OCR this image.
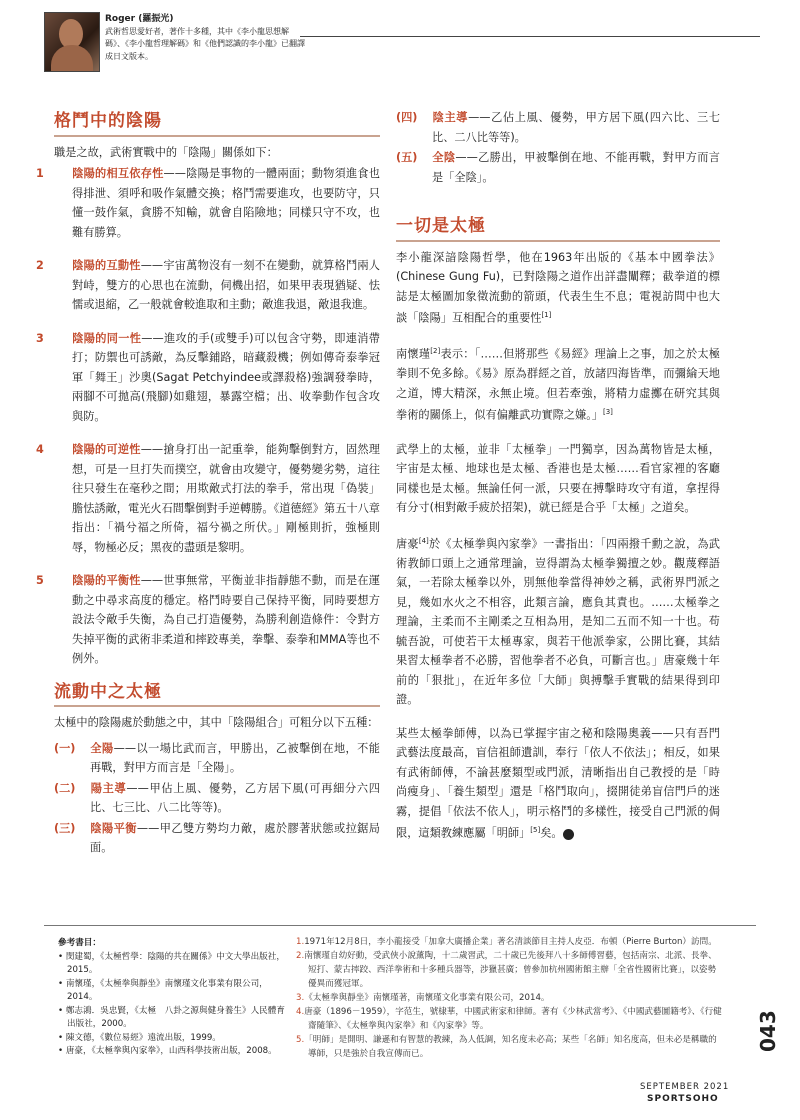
Roger (羅振光)
武術哲思愛好者，著作十多種，其中《李小龍思想解碼》、《李小龍哲理解碼》和《他們認識的李小龍》已翻譯成日文版本。
格鬥中的陰陽
職是之故，武術實戰中的「陰陽」關係如下：
1	陰陽的相互依存性——陰陽是事物的一體兩面；動物須進食也得排泄、須呼和吸作氣體交換；格鬥需要進攻，也要防守，只懂一鼓作氣，貪勝不知輸，就會自陷險地；同樣只守不攻，也難有勝算。
2	陰陽的互動性——宇宙萬物沒有一刻不在變動，就算格鬥兩人對峙，雙方的心思也在流動，伺機出招，如果甲表現猶疑、怯懦或退縮，乙一般就會較進取和主動；敵進我退，敵退我進。
3	陰陽的同一性——進攻的手(或雙手)可以包含守勢，即連消帶打；防禦也可誘敵，為反擊鋪路，暗藏殺機；例如傳奇泰拳冠軍「舞王」沙奧(Sagat Petchyindee或譯殺格)強調發拳時，兩腳不可拋高(飛腳)如雞翅，暴露空檔；出、收拳動作包含攻與防。
4	陰陽的可逆性——搶身打出一記重拳，能夠擊倒對方，固然理想，可是一旦打失而撲空，就會由攻變守，優勢變劣勢，這往往只發生在毫秒之間；用欺敵式打法的拳手，常出現「偽裝」膽怯誘敵，電光火石間擊倒對手逆轉勝。《道德經》第五十八章指出：「禍兮福之所倚，福兮禍之所伏。」剛極則折，強極則辱，物極必反；黑夜的盡頭是黎明。
5	陰陽的平衡性——世事無常，平衡並非指靜態不動，而是在運動之中尋求高度的穩定。格鬥時要自己保持平衡，同時要想方設法令敵手失衡，為自己打造優勢，為勝利創造條件：令對方失掉平衡的武術非柔道和摔跤專美，拳擊、泰拳和MMA等也不例外。
流動中之太極
太極中的陰陽處於動態之中，其中「陰陽組合」可粗分以下五種：
(一) 全陽——以一場比武而言，甲勝出，乙被擊倒在地，不能再戰，對甲方而言是「全陽」。
(二) 陽主導——甲佔上風、優勢，乙方居下風(可再細分六四比、七三比、八二比等等)。
(三) 陰陽平衡——甲乙雙方勢均力敵，處於膠著狀態或拉鋸局面。
(四) 陰主導——乙佔上風、優勢，甲方居下風(四六比、三七比、二八比等等)。
(五) 全陰——乙勝出，甲被擊倒在地、不能再戰，對甲方而言是「全陰」。
一切是太極
李小龍深諳陰陽哲學，他在1963年出版的《基本中國拳法》(Chinese Gung Fu)，已對陰陽之道作出詳盡闡釋；截拳道的標誌是太極圖加象徵流動的箭頭，代表生生不息；電視訪問中也大談「陰陽」互相配合的重要性[1]
南懷瑾[2]表示：「……但將那些《易經》理論上之事，加之於太極拳則不免多餘。《易》原為群經之首，放諸四海皆準，而彌綸天地之道，博大精深，永無止境。但若牽強，將精力虛擲在研究其與拳術的關係上，似有偏離武功實際之嫌。」[3]
武學上的太極，並非「太極拳」一門獨享，因為萬物皆是太極，宇宙是太極、地球也是太極、香港也是太極……看官家裡的客廳同樣也是太極。無論任何一派，只要在搏擊時攻守有道，拿捏得有分寸(相對敵手疲於招架)，就已經是合乎「太極」之道矣。
唐豪[4]於《太極拳與內家拳》一書指出：「四兩撥千勳之說，為武術教師口頭上之通常理論，豈得謂為太極拳獨擅之妙。觀蔑釋語氣，一若除太極拳以外，別無他拳當得神妙之稱，武術界門派之見，幾如水火之不相容，此類言論，應負其責也。……太極拳之理論，主柔而不主剛柔之互相為用，是知二五而不知一十也。苟毓吾說，可使若干太極專家，與若干他派拳家，公開比賽，其結果習太極拳者不必勝，習他拳者不必負，可斷言也。」唐豪幾十年前的「狠批」，在近年多位「大師」與搏擊手實戰的結果得到印證。
某些太極拳師傅，以為已掌握宇宙之秘和陰陽奧義——只有吾門武藝法度最高，盲信祖師遺訓，奉行「依人不依法」；相反，如果有武術師傅，不論甚麼類型或門派，清晰指出自己教授的是「時尚瘦身」、「養生類型」還是「格鬥取向」，掇開徒弟盲信門戶的迷霧，提倡「依法不依人」，明示格鬥的多樣性，接受自己門派的侷限，這類教練應屬「明師」[5]矣。
參考書目：
• 閔建蜀，《太極哲學：陰陽的共在關係》中文大學出版社，2015。
• 南懷瑾，《太極拳與靜坐》南懷瑾文化事業有限公司，2014。
• 鄭志鴻．吳忠賢，《太極　八卦之源與健身養生》人民體育出版社，2000。
• 陳文德，《數位易經》遠流出版，1999。
• 唐豪，《太極拳與內家拳》，山西科學技術出版，2008。
1.1971年12月8日，李小龍接受「加拿大廣播企業」著名清談節目主持人皮亞．布頓（Pierre Burton）訪問。
2.南懷瑾自幼好動，受武俠小說薰陶，十二歲習武，二十歲已先後拜八十多師傅習藝，包括南宗、北派、長拳、短打、蒙古摔跤、西洋拳術和十多種兵器等，涉獵甚廣；曾參加杭州國術館主辦「全省性國術比賽」，以姿勢優異而獲冠軍。
3.《太極拳與靜坐》南懷瑾著，南懷瑾文化事業有限公司，2014。
4.唐豪（1896－1959），字范生，號棣華，中國武術家和律師。著有《少林武當考》、《中國武藝圖籍考》、《行健齋隨筆》、《太極拳與內家拳》和《內家拳》等。
5.「明師」是開明、謙遜和有智慧的教練，為人低調，知名度未必高；某些「名師」知名度高，但未必是稱職的導師，只是強於自我宣傳而已。
SEPTEMBER 2021
SPORTSOHO
043
